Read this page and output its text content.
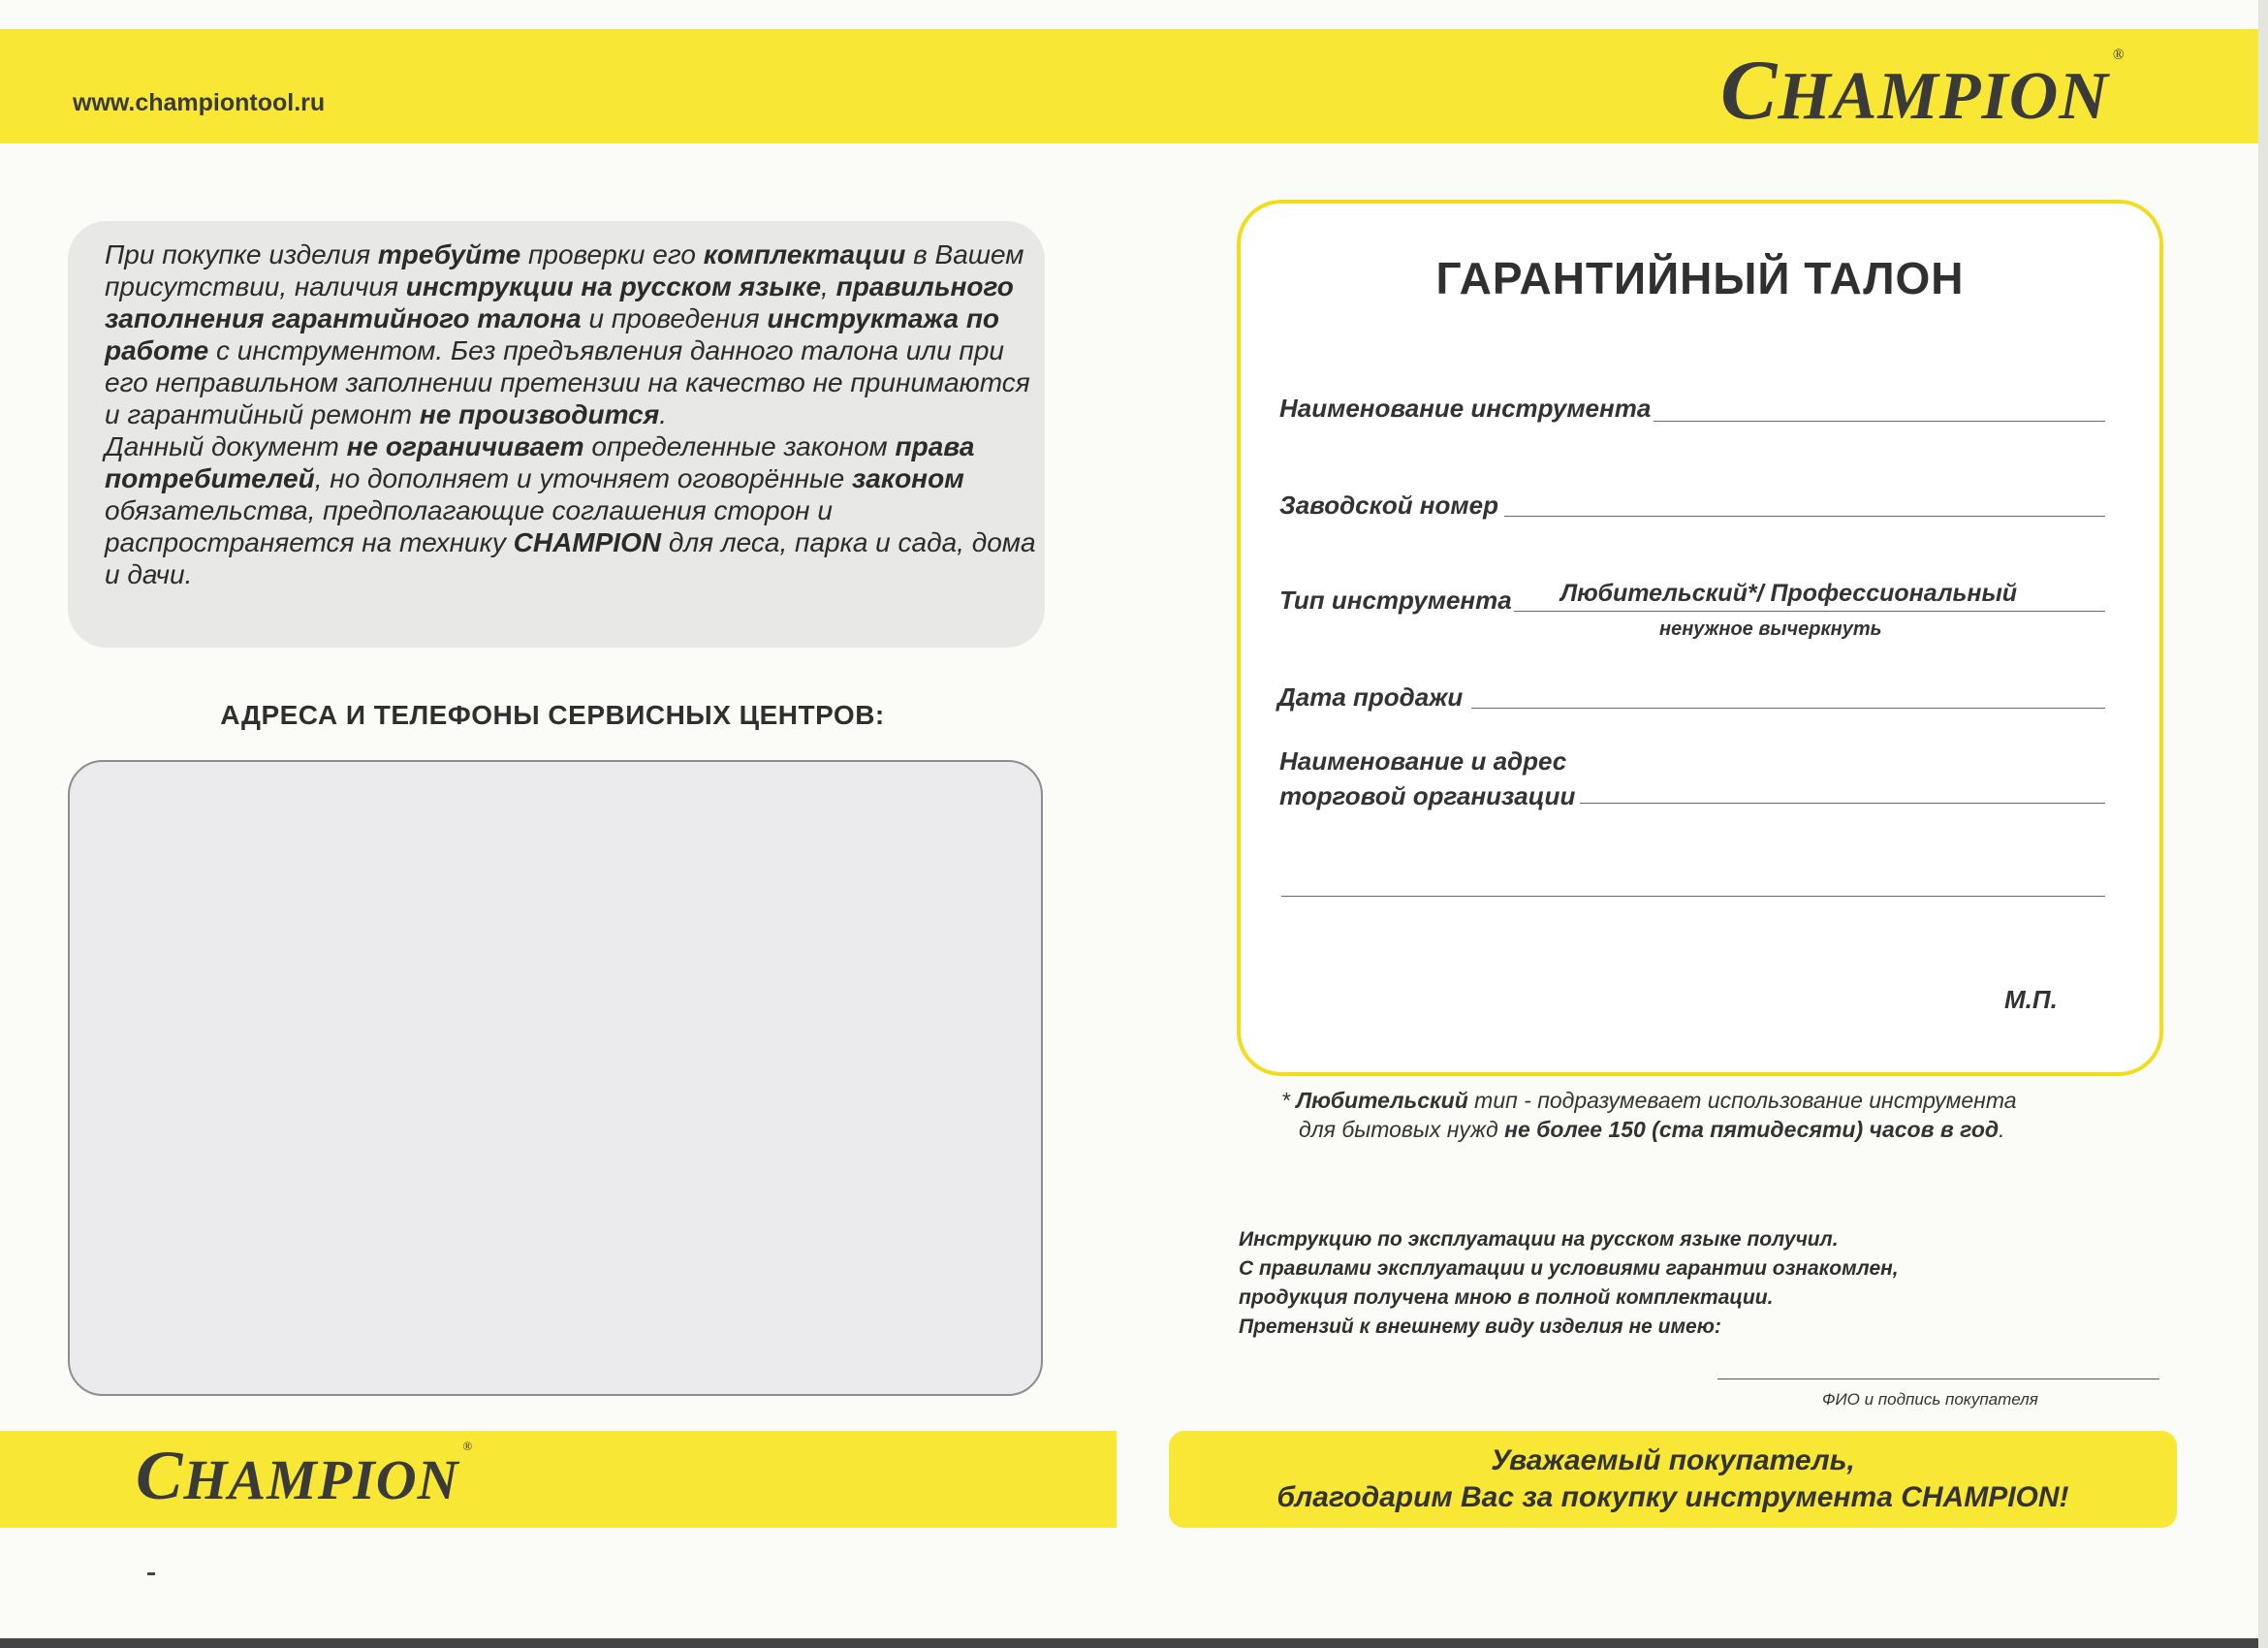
www.championtool.ru	CHAMPION®
При покупке изделия требуйте проверки его комплектации в Вашем присутствии, наличия инструкции на русском языке, правильного заполнения гарантийного талона и проведения инструктажа по работе с инструментом. Без предъявления данного талона или при его неправильном заполнении претензии на качество не принимаются и гарантийный ремонт не производится.
Данный документ не ограничивает определенные законом права потребителей, но дополняет и уточняет оговорённые законом обязательства, предполагающие соглашения сторон и распространяется на технику CHAMPION для леса, парка и сада, дома и дачи.
АДРЕСА И ТЕЛЕФОНЫ СЕРВИСНЫХ ЦЕНТРОВ:
ГАРАНТИЙНЫЙ ТАЛОН
Наименование инструмента
Заводской номер
Тип инструмента Любительский*/ Профессиональный
ненужное вычеркнуть
Дата продажи
Наименование и адрес
торговой организации
М.П.
* Любительский тип - подразумевает использование инструмента
для бытовых нужд не более 150 (ста пятидесяти) часов в год.
Инструкцию по эксплуатации на русском языке получил.
С правилами эксплуатации и условиями гарантии ознакомлен,
продукция получена мною в полной комплектации.
Претензий к внешнему виду изделия не имею:
ФИО и подпись покупателя
CHAMPION®	Уважаемый покупатель,
благодарим Вас за покупку инструмента CHAMPION!
